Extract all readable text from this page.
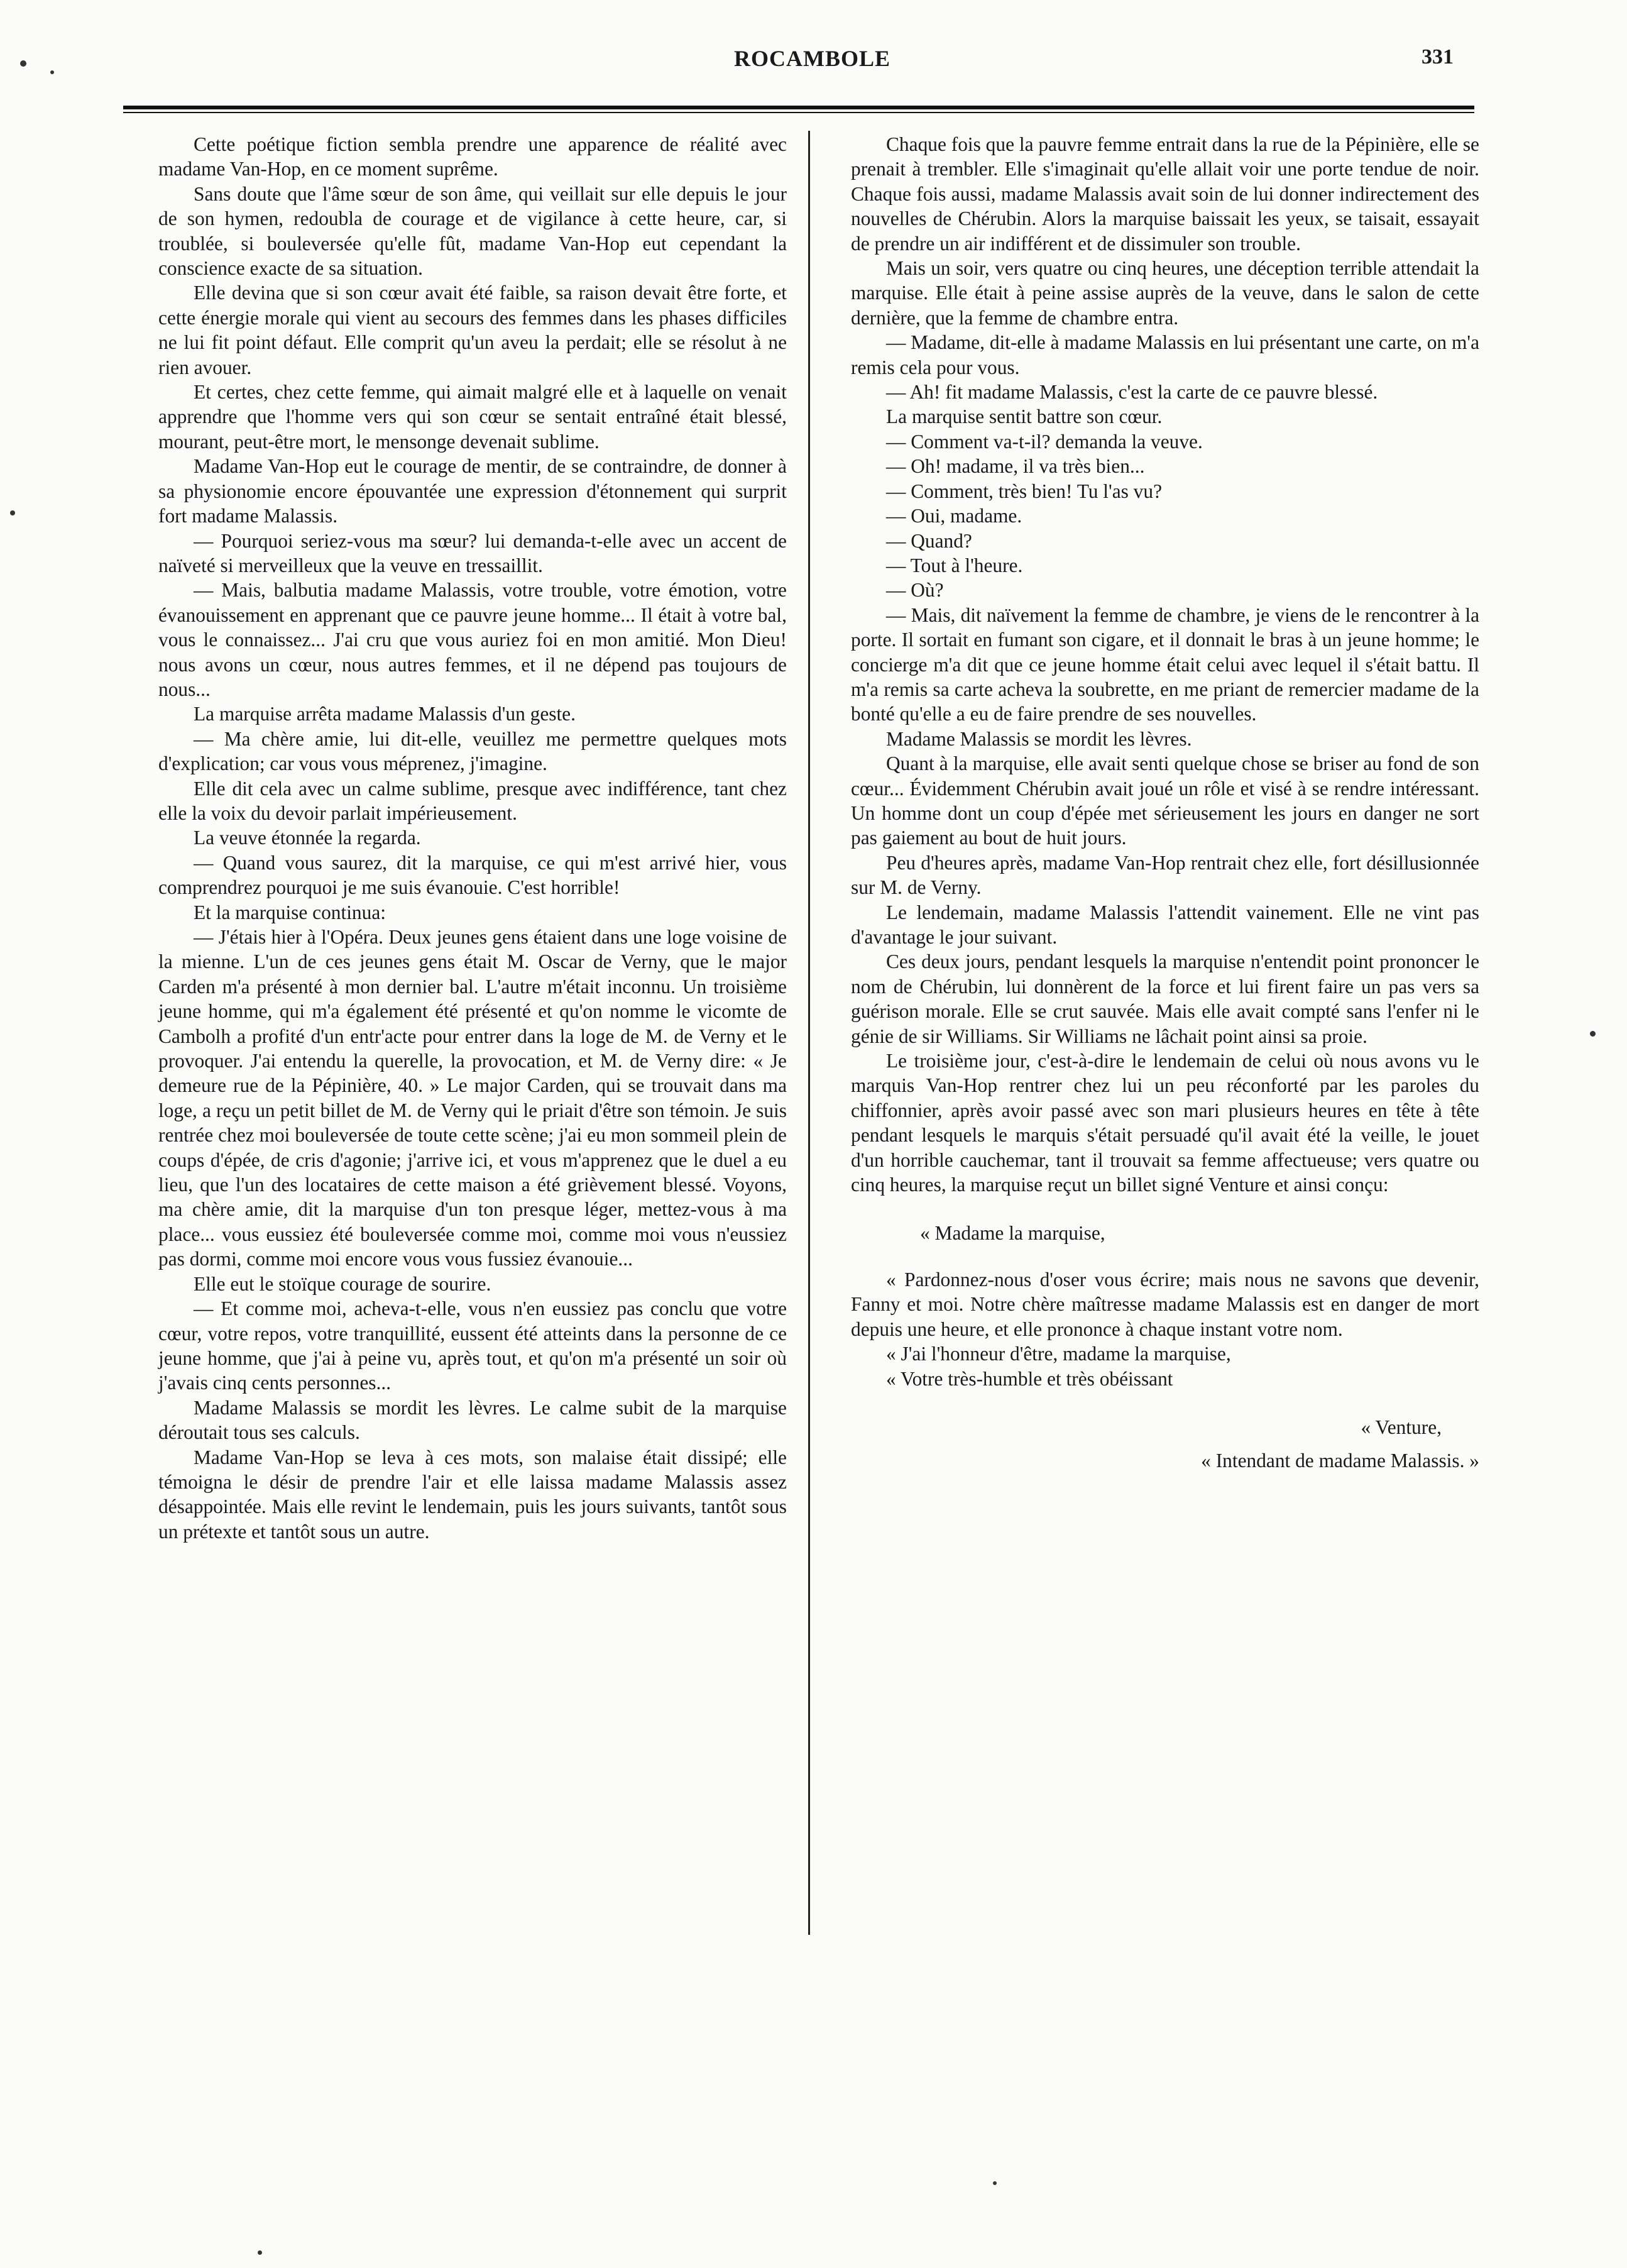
ROCAMBOLE	331

Cette poétique fiction sembla prendre une apparence de réalité avec madame Van-Hop, en ce moment suprême.

Sans doute que l'âme sœur de son âme, qui veillait sur elle depuis le jour de son hymen, redoubla de courage et de vigilance à cette heure, car, si troublée, si bouleversée qu'elle fût, madame Van-Hop eut cependant la conscience exacte de sa situation.

Elle devina que si son cœur avait été faible, sa raison devait être forte, et cette énergie morale qui vient au secours des femmes dans les phases difficiles ne lui fit point défaut. Elle comprit qu'un aveu la perdait; elle se résolut à ne rien avouer.

Et certes, chez cette femme, qui aimait malgré elle et à laquelle on venait apprendre que l'homme vers qui son cœur se sentait entraîné était blessé, mourant, peut-être mort, le mensonge devenait sublime.

Madame Van-Hop eut le courage de mentir, de se contraindre, de donner à sa physionomie encore épouvantée une expression d'étonnement qui surprit fort madame Malassis.

— Pourquoi seriez-vous ma sœur? lui demanda-t-elle avec un accent de naïveté si merveilleux que la veuve en tressaillit.

— Mais, balbutia madame Malassis, votre trouble, votre émotion, votre évanouissement en apprenant que ce pauvre jeune homme... Il était à votre bal, vous le connaissez... J'ai cru que vous auriez foi en mon amitié. Mon Dieu! nous avons un cœur, nous autres femmes, et il ne dépend pas toujours de nous...

La marquise arrêta madame Malassis d'un geste.

— Ma chère amie, lui dit-elle, veuillez me permettre quelques mots d'explication; car vous vous méprenez, j'imagine.

Elle dit cela avec un calme sublime, presque avec indifférence, tant chez elle la voix du devoir parlait impérieusement.

La veuve étonnée la regarda.

— Quand vous saurez, dit la marquise, ce qui m'est arrivé hier, vous comprendrez pourquoi je me suis évanouie. C'est horrible!

Et la marquise continua:

— J'étais hier à l'Opéra. Deux jeunes gens étaient dans une loge voisine de la mienne. L'un de ces jeunes gens était M. Oscar de Verny, que le major Carden m'a présenté à mon dernier bal. L'autre m'était inconnu. Un troisième jeune homme, qui m'a également été présenté et qu'on nomme le vicomte de Cambolh a profité d'un entr'acte pour entrer dans la loge de M. de Verny et le provoquer. J'ai entendu la querelle, la provocation, et M. de Verny dire: « Je demeure rue de la Pépinière, 40. » Le major Carden, qui se trouvait dans ma loge, a reçu un petit billet de M. de Verny qui le priait d'être son témoin. Je suis rentrée chez moi bouleversée de toute cette scène; j'ai eu mon sommeil plein de coups d'épée, de cris d'agonie; j'arrive ici, et vous m'apprenez que le duel a eu lieu, que l'un des locataires de cette maison a été grièvement blessé. Voyons, ma chère amie, dit la marquise d'un ton presque léger, mettez-vous à ma place... vous eussiez été bouleversée comme moi, comme moi vous n'eussiez pas dormi, comme moi encore vous vous fussiez évanouie...

Elle eut le stoïque courage de sourire.

— Et comme moi, acheva-t-elle, vous n'en eussiez pas conclu que votre cœur, votre repos, votre tranquillité, eussent été atteints dans la personne de ce jeune homme, que j'ai à peine vu, après tout, et qu'on m'a présenté un soir où j'avais cinq cents personnes...

Madame Malassis se mordit les lèvres. Le calme subit de la marquise déroutait tous ses calculs.

Madame Van-Hop se leva à ces mots, son malaise était dissipé; elle témoigna le désir de prendre l'air et elle laissa madame Malassis assez désappointée. Mais elle revint le lendemain, puis les jours suivants, tantôt sous un prétexte et tantôt sous un autre.

Chaque fois que la pauvre femme entrait dans la rue de la Pépinière, elle se prenait à trembler. Elle s'imaginait qu'elle allait voir une porte tendue de noir. Chaque fois aussi, madame Malassis avait soin de lui donner indirectement des nouvelles de Chérubin. Alors la marquise baissait les yeux, se taisait, essayait de prendre un air indifférent et de dissimuler son trouble.

Mais un soir, vers quatre ou cinq heures, une déception terrible attendait la marquise. Elle était à peine assise auprès de la veuve, dans le salon de cette dernière, que la femme de chambre entra.

— Madame, dit-elle à madame Malassis en lui présentant une carte, on m'a remis cela pour vous.

— Ah! fit madame Malassis, c'est la carte de ce pauvre blessé.

La marquise sentit battre son cœur.

— Comment va-t-il? demanda la veuve.

— Oh! madame, il va très bien...

— Comment, très bien! Tu l'as vu?

— Oui, madame.

— Quand?

— Tout à l'heure.

— Où?

— Mais, dit naïvement la femme de chambre, je viens de le rencontrer à la porte. Il sortait en fumant son cigare, et il donnait le bras à un jeune homme; le concierge m'a dit que ce jeune homme était celui avec lequel il s'était battu. Il m'a remis sa carte acheva la soubrette, en me priant de remercier madame de la bonté qu'elle a eu de faire prendre de ses nouvelles.

Madame Malassis se mordit les lèvres.

Quant à la marquise, elle avait senti quelque chose se briser au fond de son cœur... Évidemment Chérubin avait joué un rôle et visé à se rendre intéressant. Un homme dont un coup d'épée met sérieusement les jours en danger ne sort pas gaiement au bout de huit jours.

Peu d'heures après, madame Van-Hop rentrait chez elle, fort désillusionnée sur M. de Verny.

Le lendemain, madame Malassis l'attendit vainement. Elle ne vint pas d'avantage le jour suivant.

Ces deux jours, pendant lesquels la marquise n'entendit point prononcer le nom de Chérubin, lui donnèrent de la force et lui firent faire un pas vers sa guérison morale. Elle se crut sauvée. Mais elle avait compté sans l'enfer ni le génie de sir Williams. Sir Williams ne lâchait point ainsi sa proie.

Le troisième jour, c'est-à-dire le lendemain de celui où nous avons vu le marquis Van-Hop rentrer chez lui un peu réconforté par les paroles du chiffonnier, après avoir passé avec son mari plusieurs heures en tête à tête pendant lesquels le marquis s'était persuadé qu'il avait été la veille, le jouet d'un horrible cauchemar, tant il trouvait sa femme affectueuse; vers quatre ou cinq heures, la marquise reçut un billet signé Venture et ainsi conçu:

« Madame la marquise,

« Pardonnez-nous d'oser vous écrire; mais nous ne savons que devenir, Fanny et moi. Notre chère maîtresse madame Malassis est en danger de mort depuis une heure, et elle prononce à chaque instant votre nom.

« J'ai l'honneur d'être, madame la marquise,

« Votre très-humble et très obéissant

« Venture,

« Intendant de madame Malassis. »
